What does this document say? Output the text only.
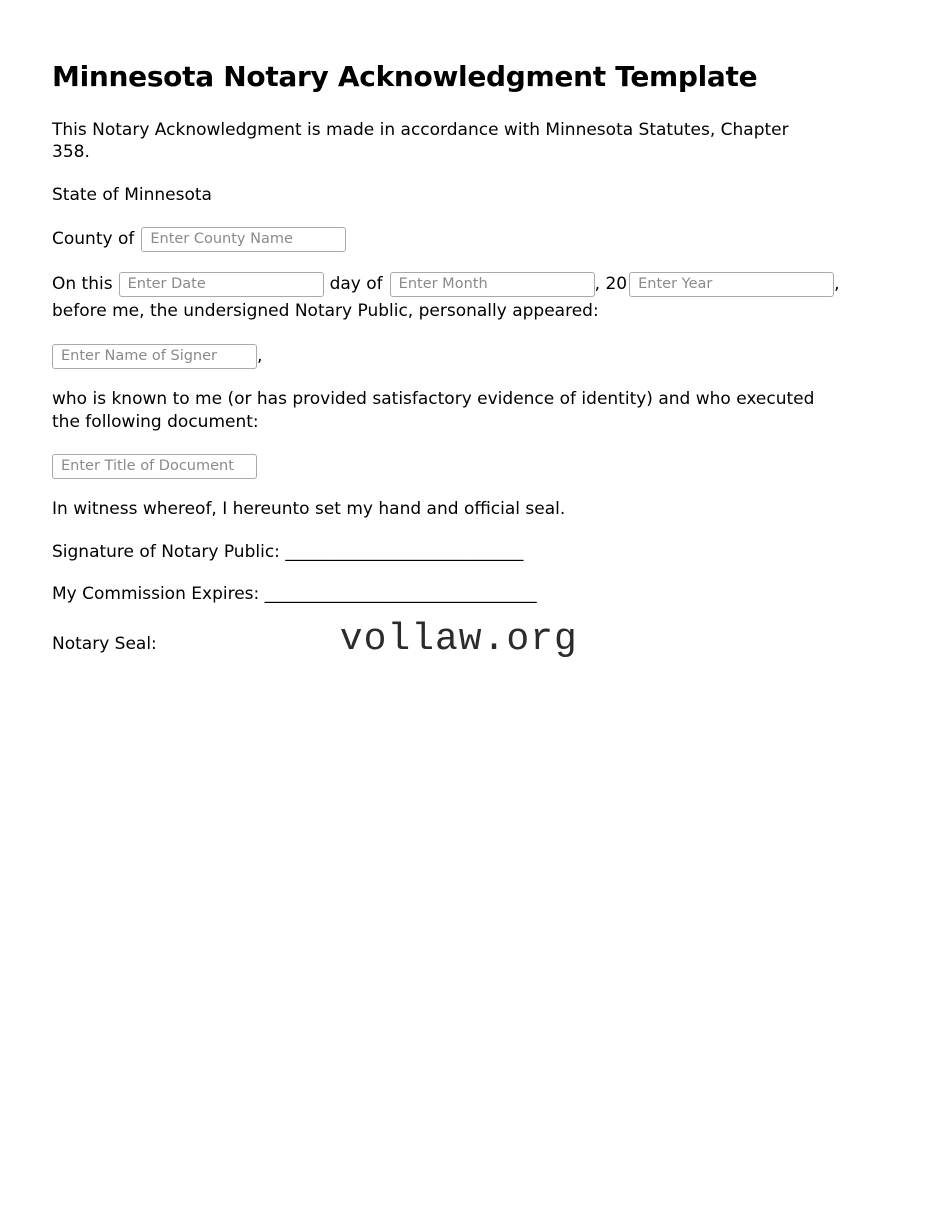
Minnesota Notary Acknowledgment Template

This Notary Acknowledgment is made in accordance with Minnesota Statutes, Chapter
358.

State of Minnesota

County ofEnter County Name
On thisEnter Date	day ofEnter Month	, 20Enter Year	,
before me, the undersigned Notary Public, personally appeared:
Enter Name of Signer,

who is known to me (or has provided satisfactory evidence of identity) and who executed
the following document:

Enter Title of Document

In witness whereof, I hereunto set my hand and official seal.

Signature of Notary Public: ____________________________

My Commission Expires: ________________________________

Notary Seal:	vollaw.org
